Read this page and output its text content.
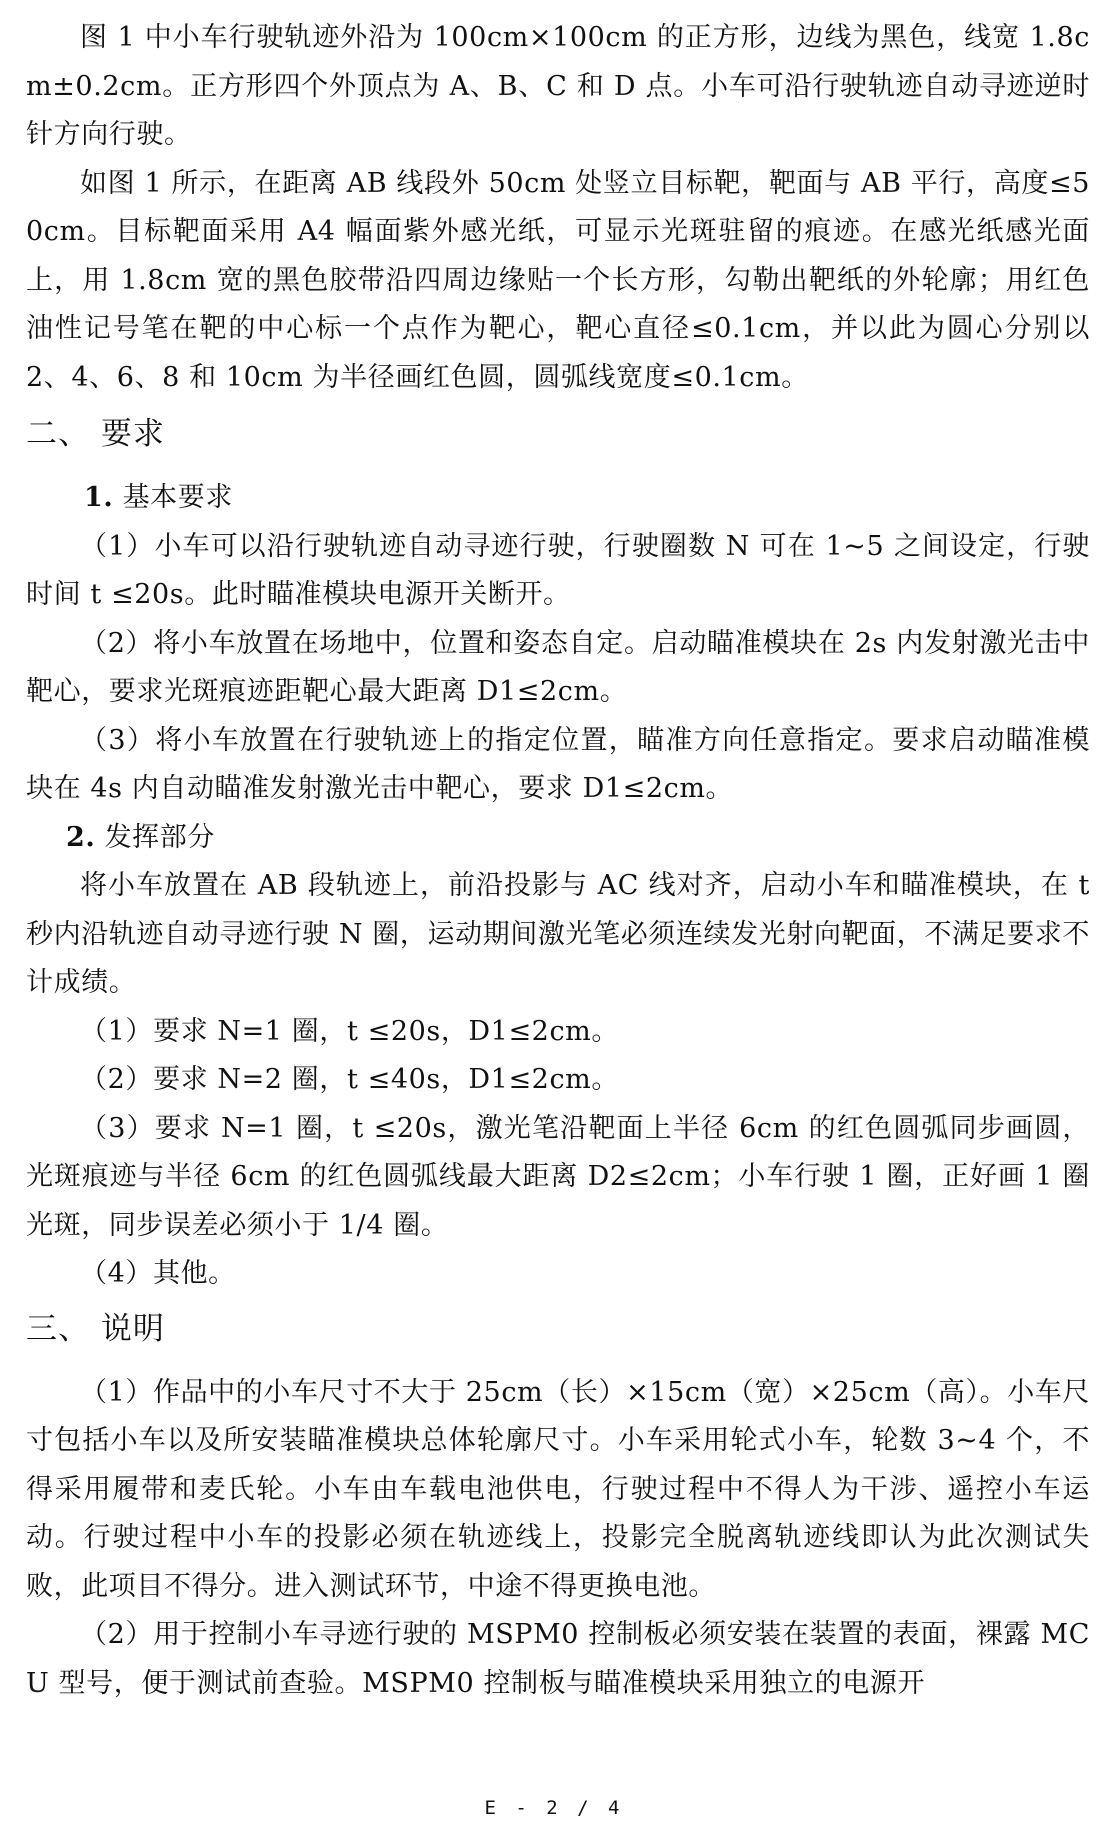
图 1 中小车行驶轨迹外沿为 100cm×100cm 的正方形，边线为黑色，线宽 1.8cm±0.2cm。正方形四个外顶点为 A、B、C 和 D 点。小车可沿行驶轨迹自动寻迹逆时针方向行驶。

如图 1 所示，在距离 AB 线段外 50cm 处竖立目标靶，靶面与 AB 平行，高度≤50cm。目标靶面采用 A4 幅面紫外感光纸，可显示光斑驻留的痕迹。在感光纸感光面上，用 1.8cm 宽的黑色胶带沿四周边缘贴一个长方形，勾勒出靶纸的外轮廓；用红色油性记号笔在靶的中心标一个点作为靶心，靶心直径≤0.1cm，并以此为圆心分别以 2、4、6、8 和 10cm 为半径画红色圆，圆弧线宽度≤0.1cm。

二、 要求
1. 基本要求

（1）小车可以沿行驶轨迹自动寻迹行驶，行驶圈数 N 可在 1~5 之间设定，行驶时间 t ≤20s。此时瞄准模块电源开关断开。

（2）将小车放置在场地中，位置和姿态自定。启动瞄准模块在 2s 内发射激光击中靶心，要求光斑痕迹距靶心最大距离 D1≤2cm。

（3）将小车放置在行驶轨迹上的指定位置，瞄准方向任意指定。要求启动瞄准模块在 4s 内自动瞄准发射激光击中靶心，要求 D1≤2cm。

2. 发挥部分

将小车放置在 AB 段轨迹上，前沿投影与 AC 线对齐，启动小车和瞄准模块，在 t 秒内沿轨迹自动寻迹行驶 N 圈，运动期间激光笔必须连续发光射向靶面，不满足要求不计成绩。

（1）要求 N=1 圈，t ≤20s，D1≤2cm。

（2）要求 N=2 圈，t ≤40s，D1≤2cm。

（3）要求 N=1 圈，t ≤20s，激光笔沿靶面上半径 6cm 的红色圆弧同步画圆，光斑痕迹与半径 6cm 的红色圆弧线最大距离 D2≤2cm；小车行驶 1 圈，正好画 1 圈光斑，同步误差必须小于 1/4 圈。

（4）其他。

三、 说明

（1）作品中的小车尺寸不大于 25cm（长）×15cm（宽）×25cm（高）。小车尺寸包括小车以及所安装瞄准模块总体轮廓尺寸。小车采用轮式小车，轮数 3~4 个，不得采用履带和麦氏轮。小车由车载电池供电，行驶过程中不得人为干涉、遥控小车运动。行驶过程中小车的投影必须在轨迹线上，投影完全脱离轨迹线即认为此次测试失败，此项目不得分。进入测试环节，中途不得更换电池。

（2）用于控制小车寻迹行驶的 MSPM0 控制板必须安装在装置的表面，裸露 MCU 型号，便于测试前查验。MSPM0 控制板与瞄准模块采用独立的电源开

E - 2 / 4
